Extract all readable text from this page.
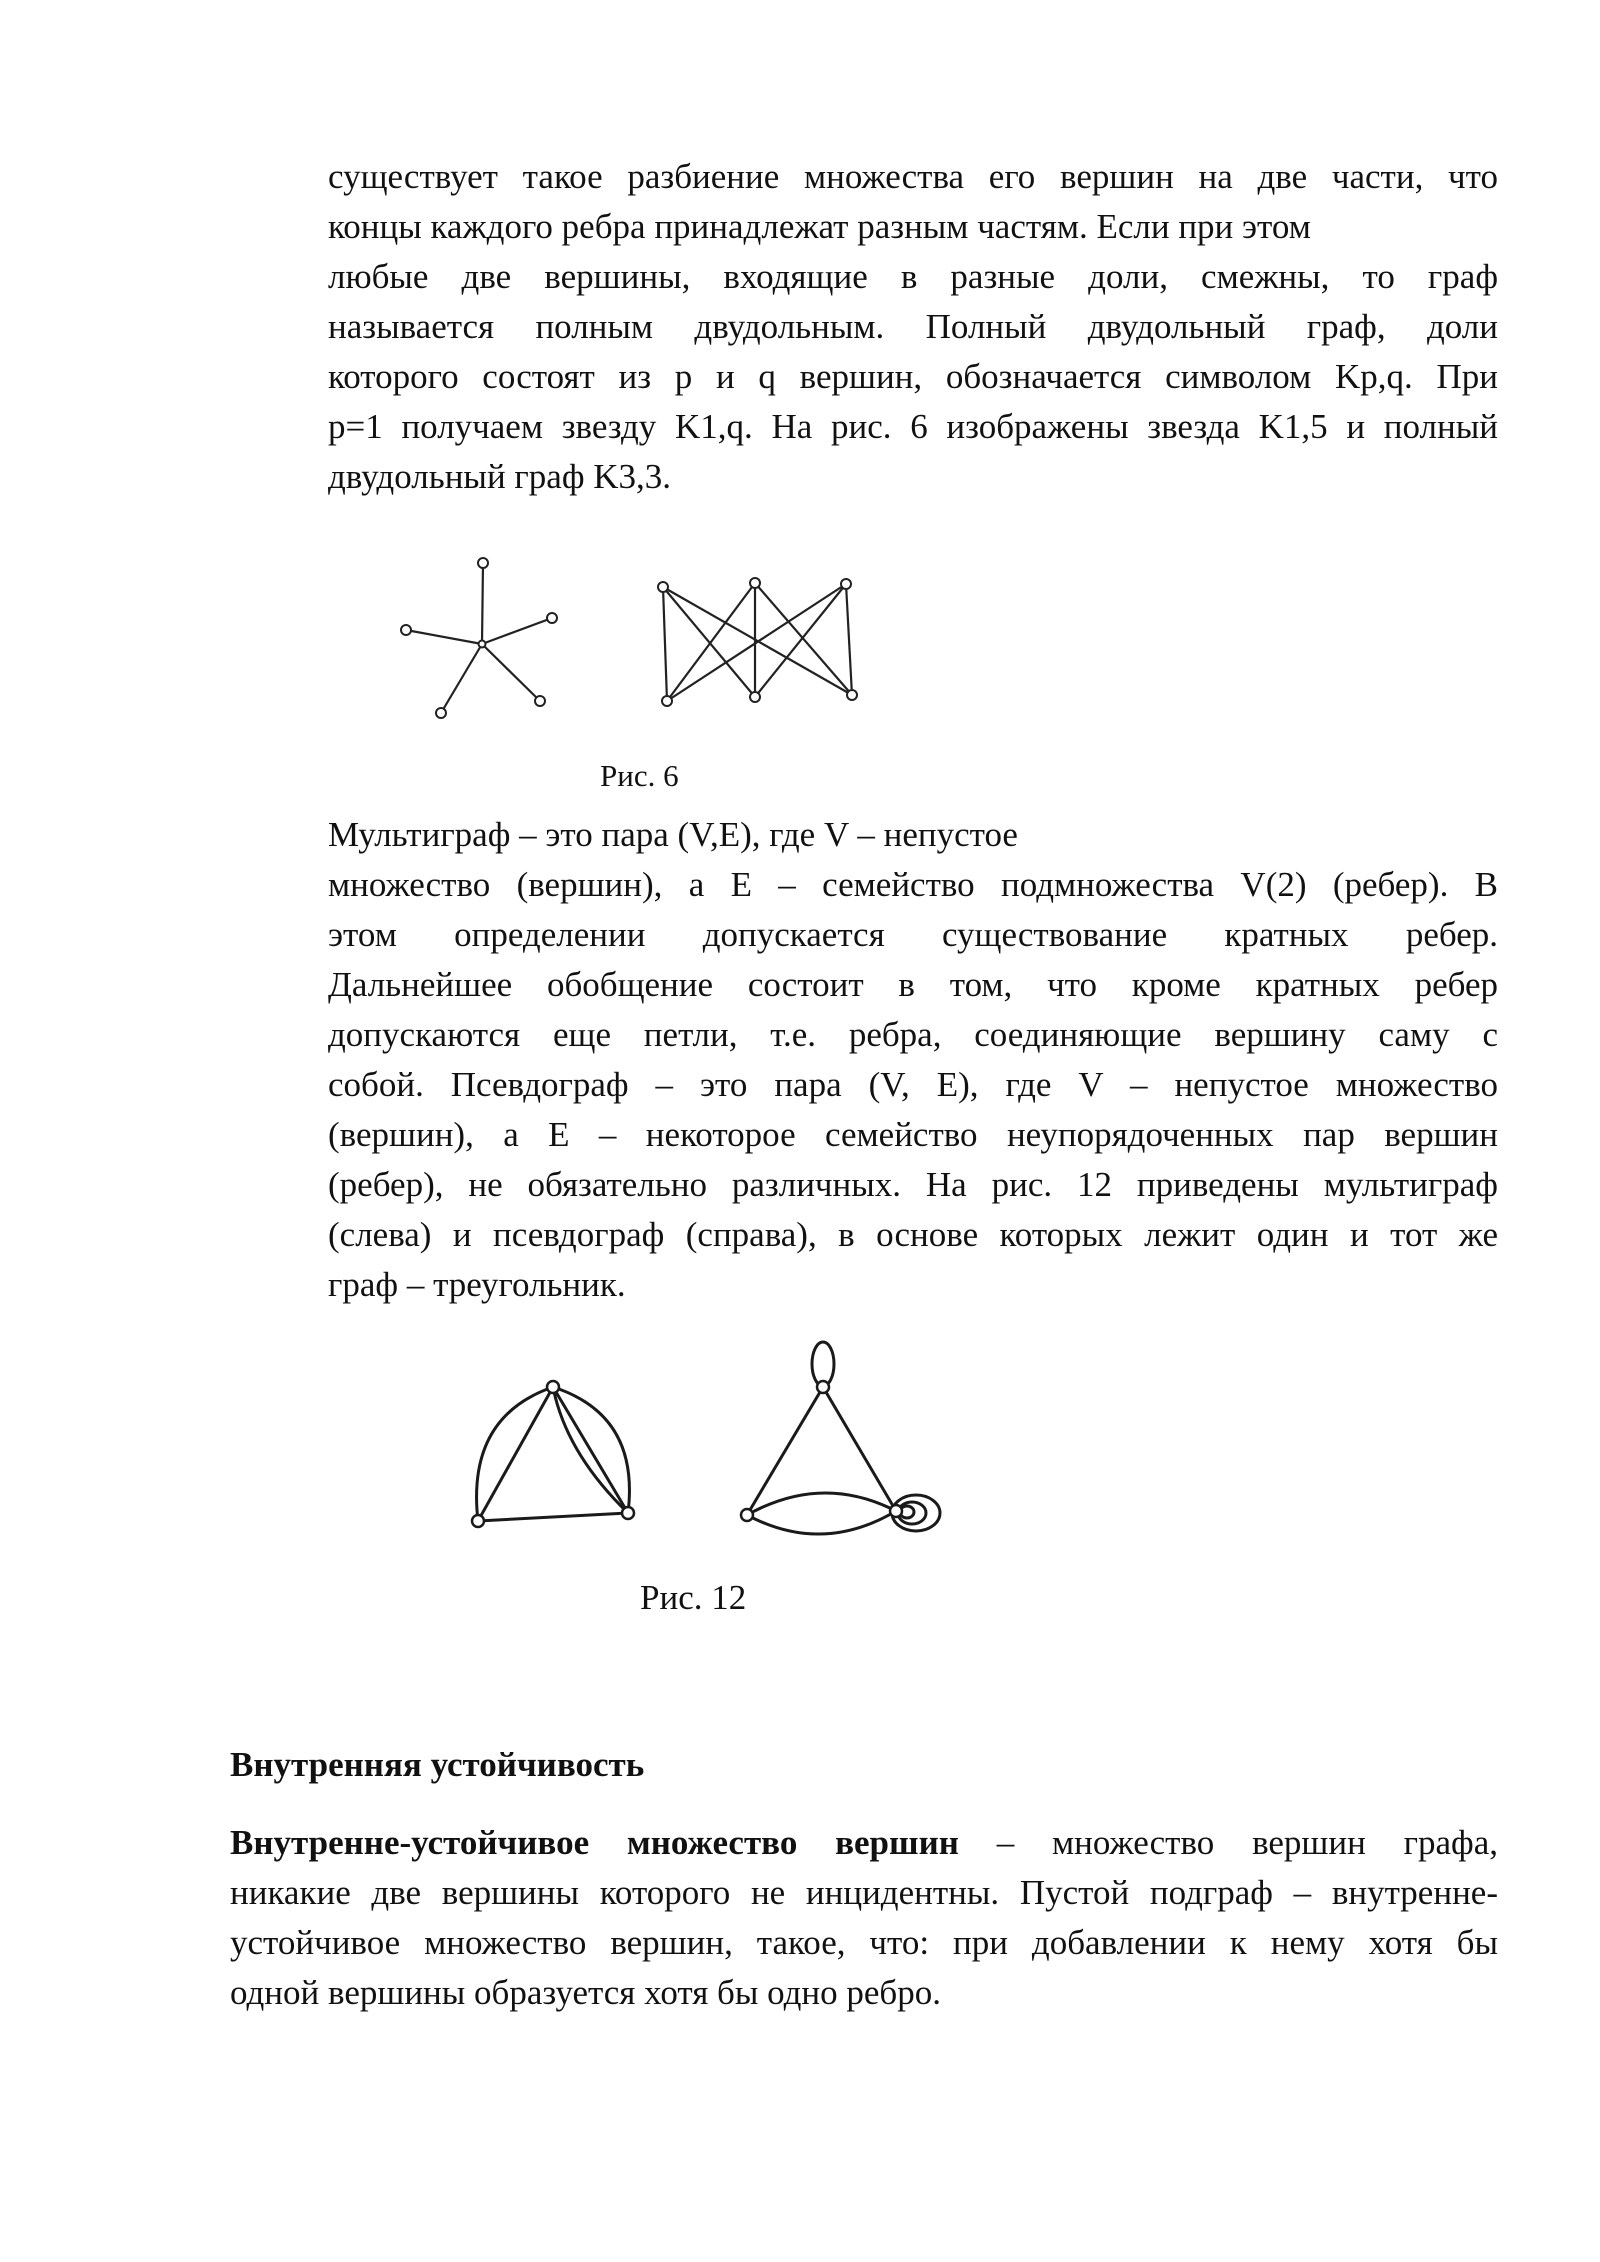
существует такое разбиение множества его вершин на две части, что
концы каждого ребра принадлежат разным частям. Если при этом
любые две вершины, входящие в разные доли, смежны, то граф
называется полным двудольным. Полный двудольный граф, доли
которого состоят из p и q вершин, обозначается символом Kp,q. При
p=1 получаем звезду K1,q. На рис. 6 изображены звезда K1,5 и полный
двудольный граф K3,3.
Рис. 6
Мультиграф – это пара (V,E), где V – непустое
множество (вершин), а E – семейство подмножества V(2) (ребер). В
этом определении допускается существование кратных ребер.
Дальнейшее обобщение состоит в том, что кроме кратных ребер
допускаются еще петли, т.е. ребра, соединяющие вершину саму с
собой. Псевдограф – это пара (V, E), где V – непустое множество
(вершин), а E – некоторое семейство неупорядоченных пар вершин
(ребер), не обязательно различных. На рис. 12 приведены мультиграф
(слева) и псевдограф (справа), в основе которых лежит один и тот же
граф – треугольник.
Рис. 12
Внутренняя устойчивость
Внутренне-устойчивое множество вершин – множество вершин графа,
никакие две вершины которого не инцидентны. Пустой подграф – внутренне-
устойчивое множество вершин, такое, что: при добавлении к нему хотя бы
одной вершины образуется хотя бы одно ребро.
